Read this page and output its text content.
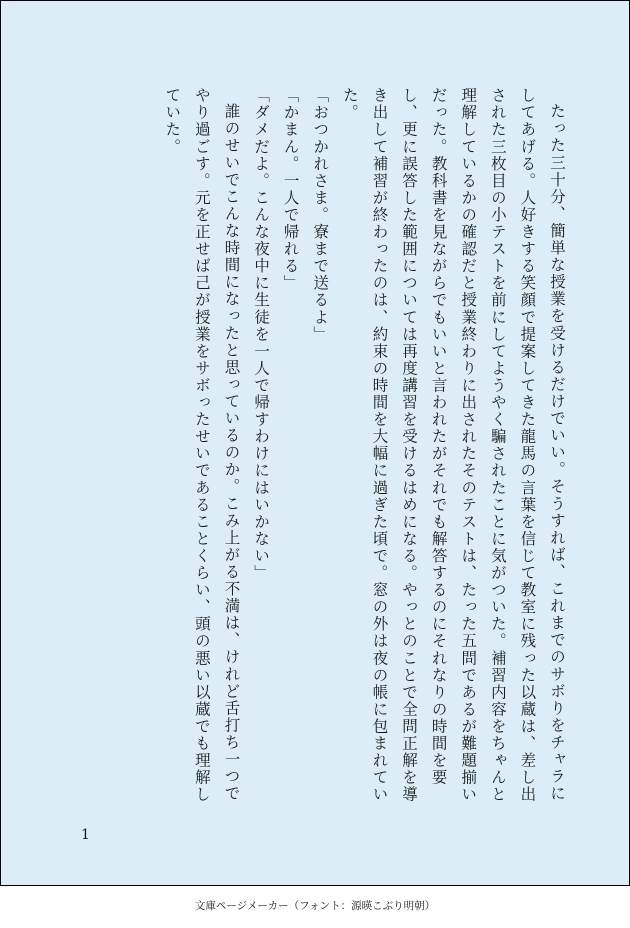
たった三十分、簡単な授業を受けるだけでいい。そうすれば、これまでのサボりをチャラにしてあげる。人好きする笑顔で提案してきた龍馬の言葉を信じて教室に残った以蔵は、差し出された三枚目の小テストを前にしてようやく騙されたことに気がついた。補習内容をちゃんと理解しているかの確認だと授業終わりに出されたそのテストは、たった五問であるが難題揃いだった。教科書を見ながらでもいいと言われたがそれでも解答するのにそれなりの時間を要し、更に誤答した範囲については再度講習を受けるはめになる。やっとのことで全問正解を導き出して補習が終わったのは、約束の時間を大幅に過ぎた頃で。窓の外は夜の帳に包まれていた。

「おつかれさま。寮まで送るよ」

「かまん。一人で帰れる」

「ダメだよ。こんな夜中に生徒を一人で帰すわけにはいかない」

誰のせいでこんな時間になったと思っているのか。こみ上がる不満は、けれど舌打ち一つでやり過ごす。元を正せば己が授業をサボったせいであることくらい、頭の悪い以蔵でも理解していた。

1
文庫ページメーカー（フォント：源暎こぶり明朝）
